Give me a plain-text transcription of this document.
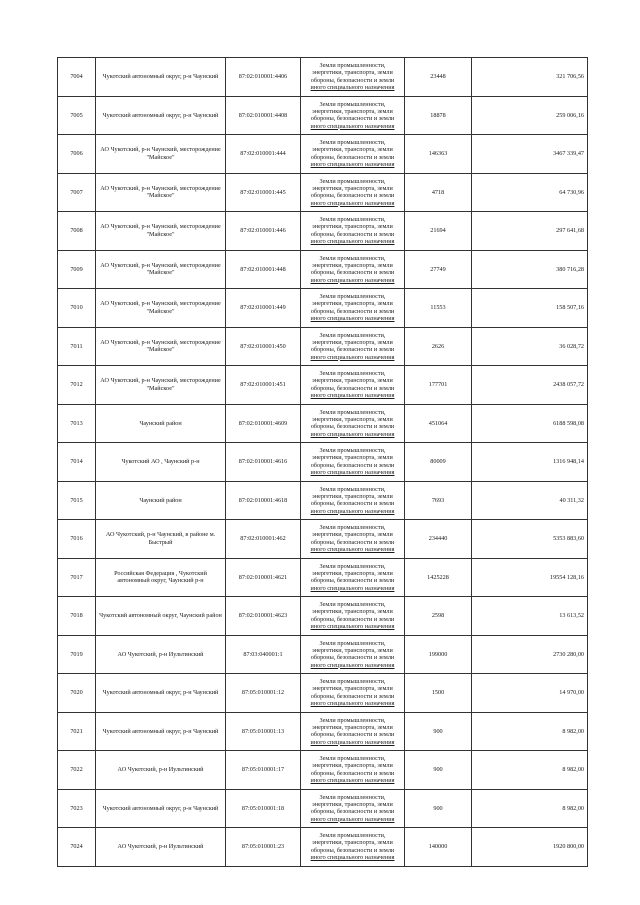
7004	Чукотский автономный округ, р-н Чаунский	87:02:010001:4406	Земли промышленности,
энергетики, транспорта, земли
обороны, безопасности и земли
иного специального назначения	23448	321 706,56
7005	Чукотский автономный округ, р-н Чаунский	87:02:010001:4408	Земли промышленности,
энергетики, транспорта, земли
обороны, безопасности и земли
иного специального назначения	18878	259 006,16
7006	АО Чукотский, р-н Чаунский, месторождение "Майское"	87:02:010001:444	Земли промышленности,
энергетики, транспорта, земли
обороны, безопасности и земли
иного специального назначения	146363	3467 339,47
7007	АО Чукотский, р-н Чаунский, месторождение "Майское"	87:02:010001:445	Земли промышленности,
энергетики, транспорта, земли
обороны, безопасности и земли
иного специального назначения	4718	64 730,96
7008	АО Чукотский, р-н Чаунский, месторождение "Майское"	87:02:010001:446	Земли промышленности,
энергетики, транспорта, земли
обороны, безопасности и земли
иного специального назначения	21694	297 641,68
7009	АО Чукотский, р-н Чаунский, месторождение "Майское"	87:02:010001:448	Земли промышленности,
энергетики, транспорта, земли
обороны, безопасности и земли
иного специального назначения	27749	380 716,28
7010	АО Чукотский, р-н Чаунский, месторождение "Майское"	87:02:010001:449	Земли промышленности,
энергетики, транспорта, земли
обороны, безопасности и земли
иного специального назначения	11553	158 507,16
7011	АО Чукотский, р-н Чаунский, месторождение "Майское"	87:02:010001:450	Земли промышленности,
энергетики, транспорта, земли
обороны, безопасности и земли
иного специального назначения	2626	36 028,72
7012	АО Чукотский, р-н Чаунский, месторождение "Майское"	87:02:010001:451	Земли промышленности,
энергетики, транспорта, земли
обороны, безопасности и земли
иного специального назначения	177701	2438 057,72
7013	Чаунский район	87:02:010001:4609	Земли промышленности,
энергетики, транспорта, земли
обороны, безопасности и земли
иного специального назначения	451064	6188 598,08
7014	Чукотский АО , Чаунский р-н	87:02:010001:4616	Земли промышленности,
энергетики, транспорта, земли
обороны, безопасности и земли
иного специального назначения	80009	1316 948,14
7015	Чаунский район	87:02:010001:4618	Земли промышленности,
энергетики, транспорта, земли
обороны, безопасности и земли
иного специального назначения	7693	40 311,32
7016	АО Чукотский, р-н Чаунский, в районе м. Быстрый	87:02:010001:462	Земли промышленности,
энергетики, транспорта, земли
обороны, безопасности и земли
иного специального назначения	234440	5353 883,60
7017	Российская Федерация , Чукотский автономный округ, Чаунский р-н	87:02:010001:4621	Земли промышленности,
энергетики, транспорта, земли
обороны, безопасности и земли
иного специального назначения	1425228	19554 128,16
7018	Чукотский автономный округ, Чаунский район	87:02:010001:4623	Земли промышленности,
энергетики, транспорта, земли
обороны, безопасности и земли
иного специального назначения	2598	13 613,52
7019	АО Чукотский, р-н Иультинский	87:03:040001:1	Земли промышленности,
энергетики, транспорта, земли
обороны, безопасности и земли
иного специального назначения	199000	2730 280,00
7020	Чукотский автономный округ, р-н Чаунский	87:05:010001:12	Земли промышленности,
энергетики, транспорта, земли
обороны, безопасности и земли
иного специального назначения	1500	14 970,00
7021	Чукотский автономный округ, р-н Чаунский	87:05:010001:13	Земли промышленности,
энергетики, транспорта, земли
обороны, безопасности и земли
иного специального назначения	900	8 982,00
7022	АО Чукотский, р-н Иультинский	87:05:010001:17	Земли промышленности,
энергетики, транспорта, земли
обороны, безопасности и земли
иного специального назначения	900	8 982,00
7023	Чукотский автономный округ, р-н Чаунский	87:05:010001:18	Земли промышленности,
энергетики, транспорта, земли
обороны, безопасности и земли
иного специального назначения	900	8 982,00
7024	АО Чукотский, р-н Иультинский	87:05:010001:23	Земли промышленности,
энергетики, транспорта, земли
обороны, безопасности и земли
иного специального назначения	140000	1920 800,00
